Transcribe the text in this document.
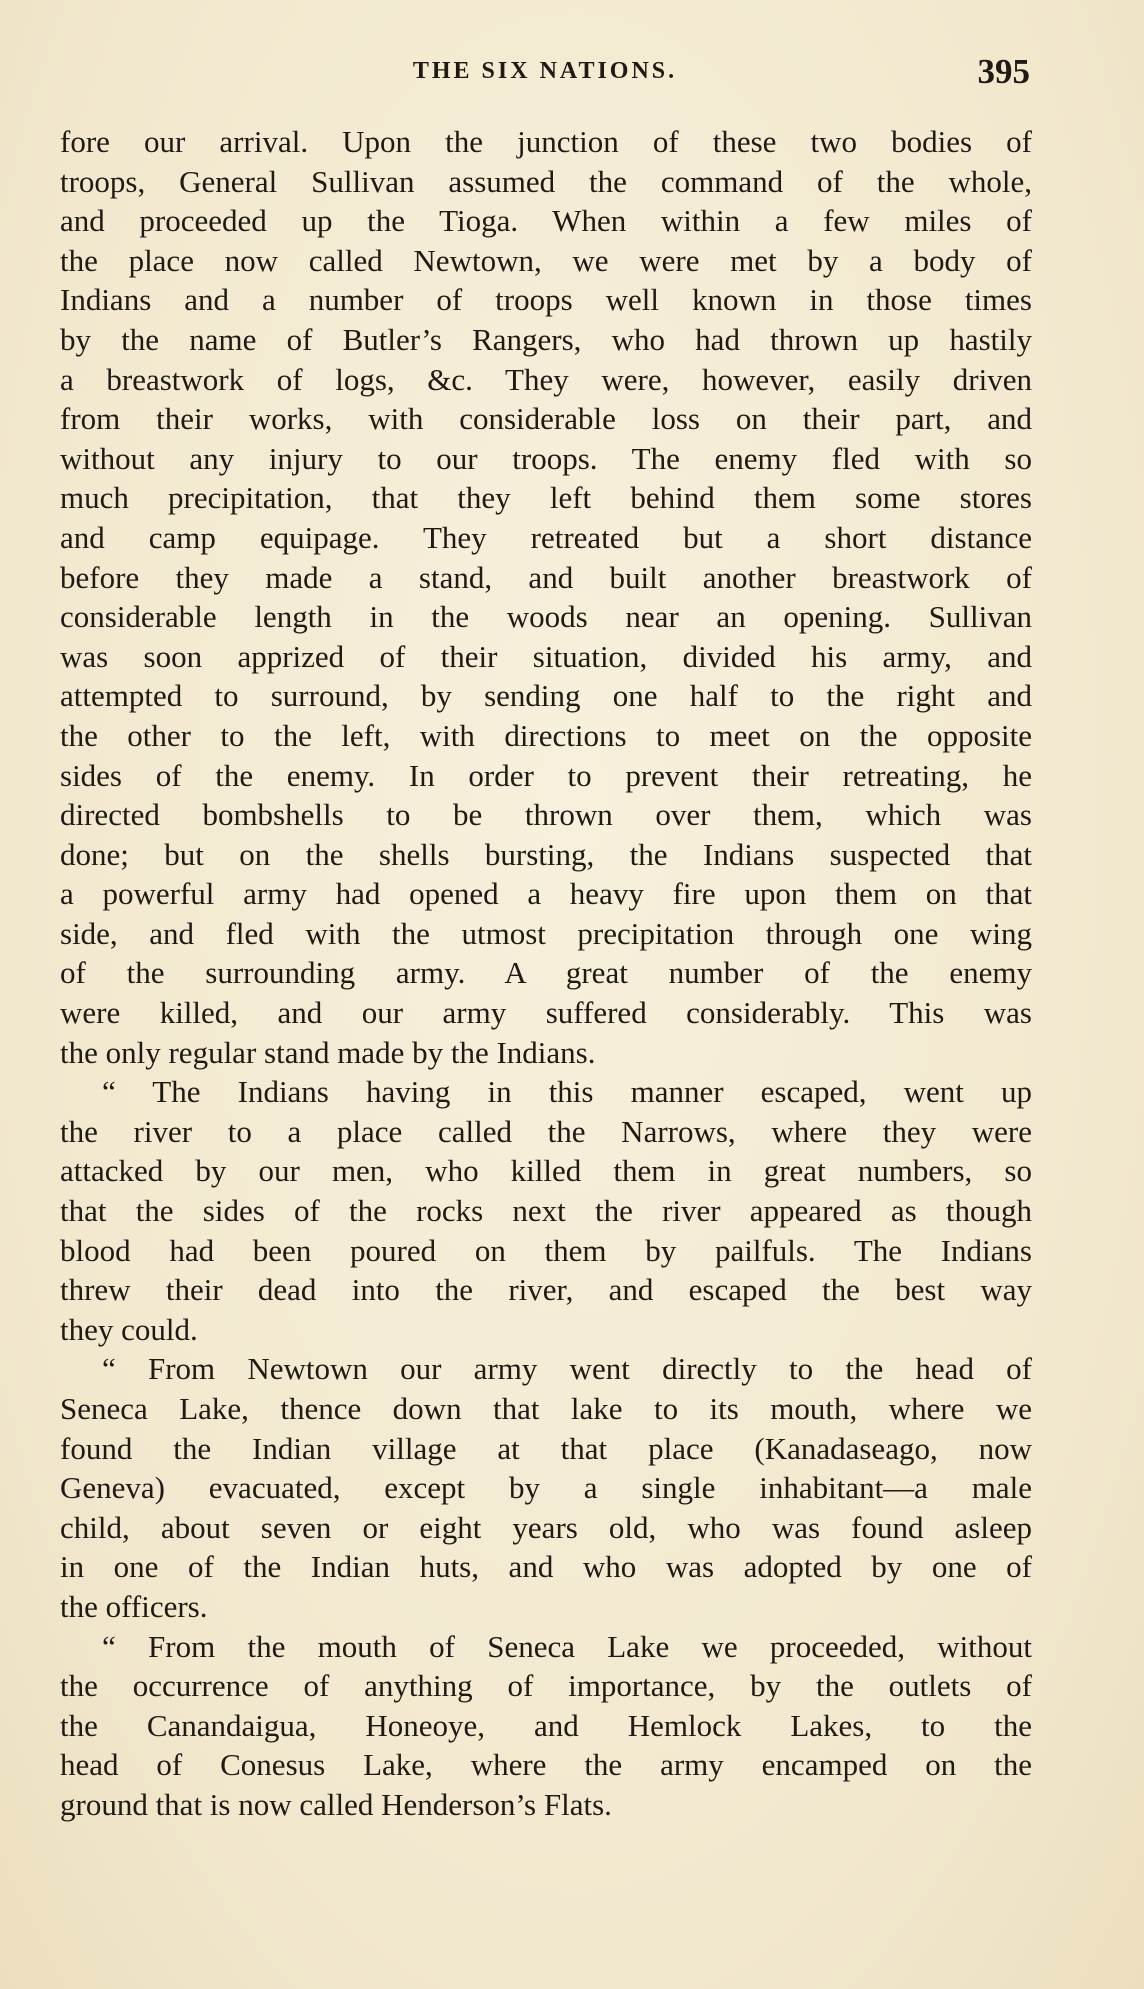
THE SIX NATIONS.	395
fore our arrival. Upon the junction of these two bodies of
troops, General Sullivan assumed the command of the whole,
and proceeded up the Tioga. When within a few miles of
the place now called Newtown, we were met by a body of
Indians and a number of troops well known in those times
by the name of Butler’s Rangers, who had thrown up hastily
a breastwork of logs, &c. They were, however, easily driven
from their works, with considerable loss on their part, and
without any injury to our troops. The enemy fled with so
much precipitation, that they left behind them some stores
and camp equipage. They retreated but a short distance
before they made a stand, and built another breastwork of
considerable length in the woods near an opening. Sullivan
was soon apprized of their situation, divided his army, and
attempted to surround, by sending one half to the right and
the other to the left, with directions to meet on the opposite
sides of the enemy. In order to prevent their retreating, he
directed bombshells to be thrown over them, which was
done; but on the shells bursting, the Indians suspected that
a powerful army had opened a heavy fire upon them on that
side, and fled with the utmost precipitation through one wing
of the surrounding army. A great number of the enemy
were killed, and our army suffered considerably. This was
the only regular stand made by the Indians.
“ The Indians having in this manner escaped, went up
the river to a place called the Narrows, where they were
attacked by our men, who killed them in great numbers, so
that the sides of the rocks next the river appeared as though
blood had been poured on them by pailfuls. The Indians
threw their dead into the river, and escaped the best way
they could.
“ From Newtown our army went directly to the head of
Seneca Lake, thence down that lake to its mouth, where we
found the Indian village at that place (Kanadaseago, now
Geneva) evacuated, except by a single inhabitant—a male
child, about seven or eight years old, who was found asleep
in one of the Indian huts, and who was adopted by one of
the officers.
“ From the mouth of Seneca Lake we proceeded, without
the occurrence of anything of importance, by the outlets of
the Canandaigua, Honeoye, and Hemlock Lakes, to the
head of Conesus Lake, where the army encamped on the
ground that is now called Henderson’s Flats.
